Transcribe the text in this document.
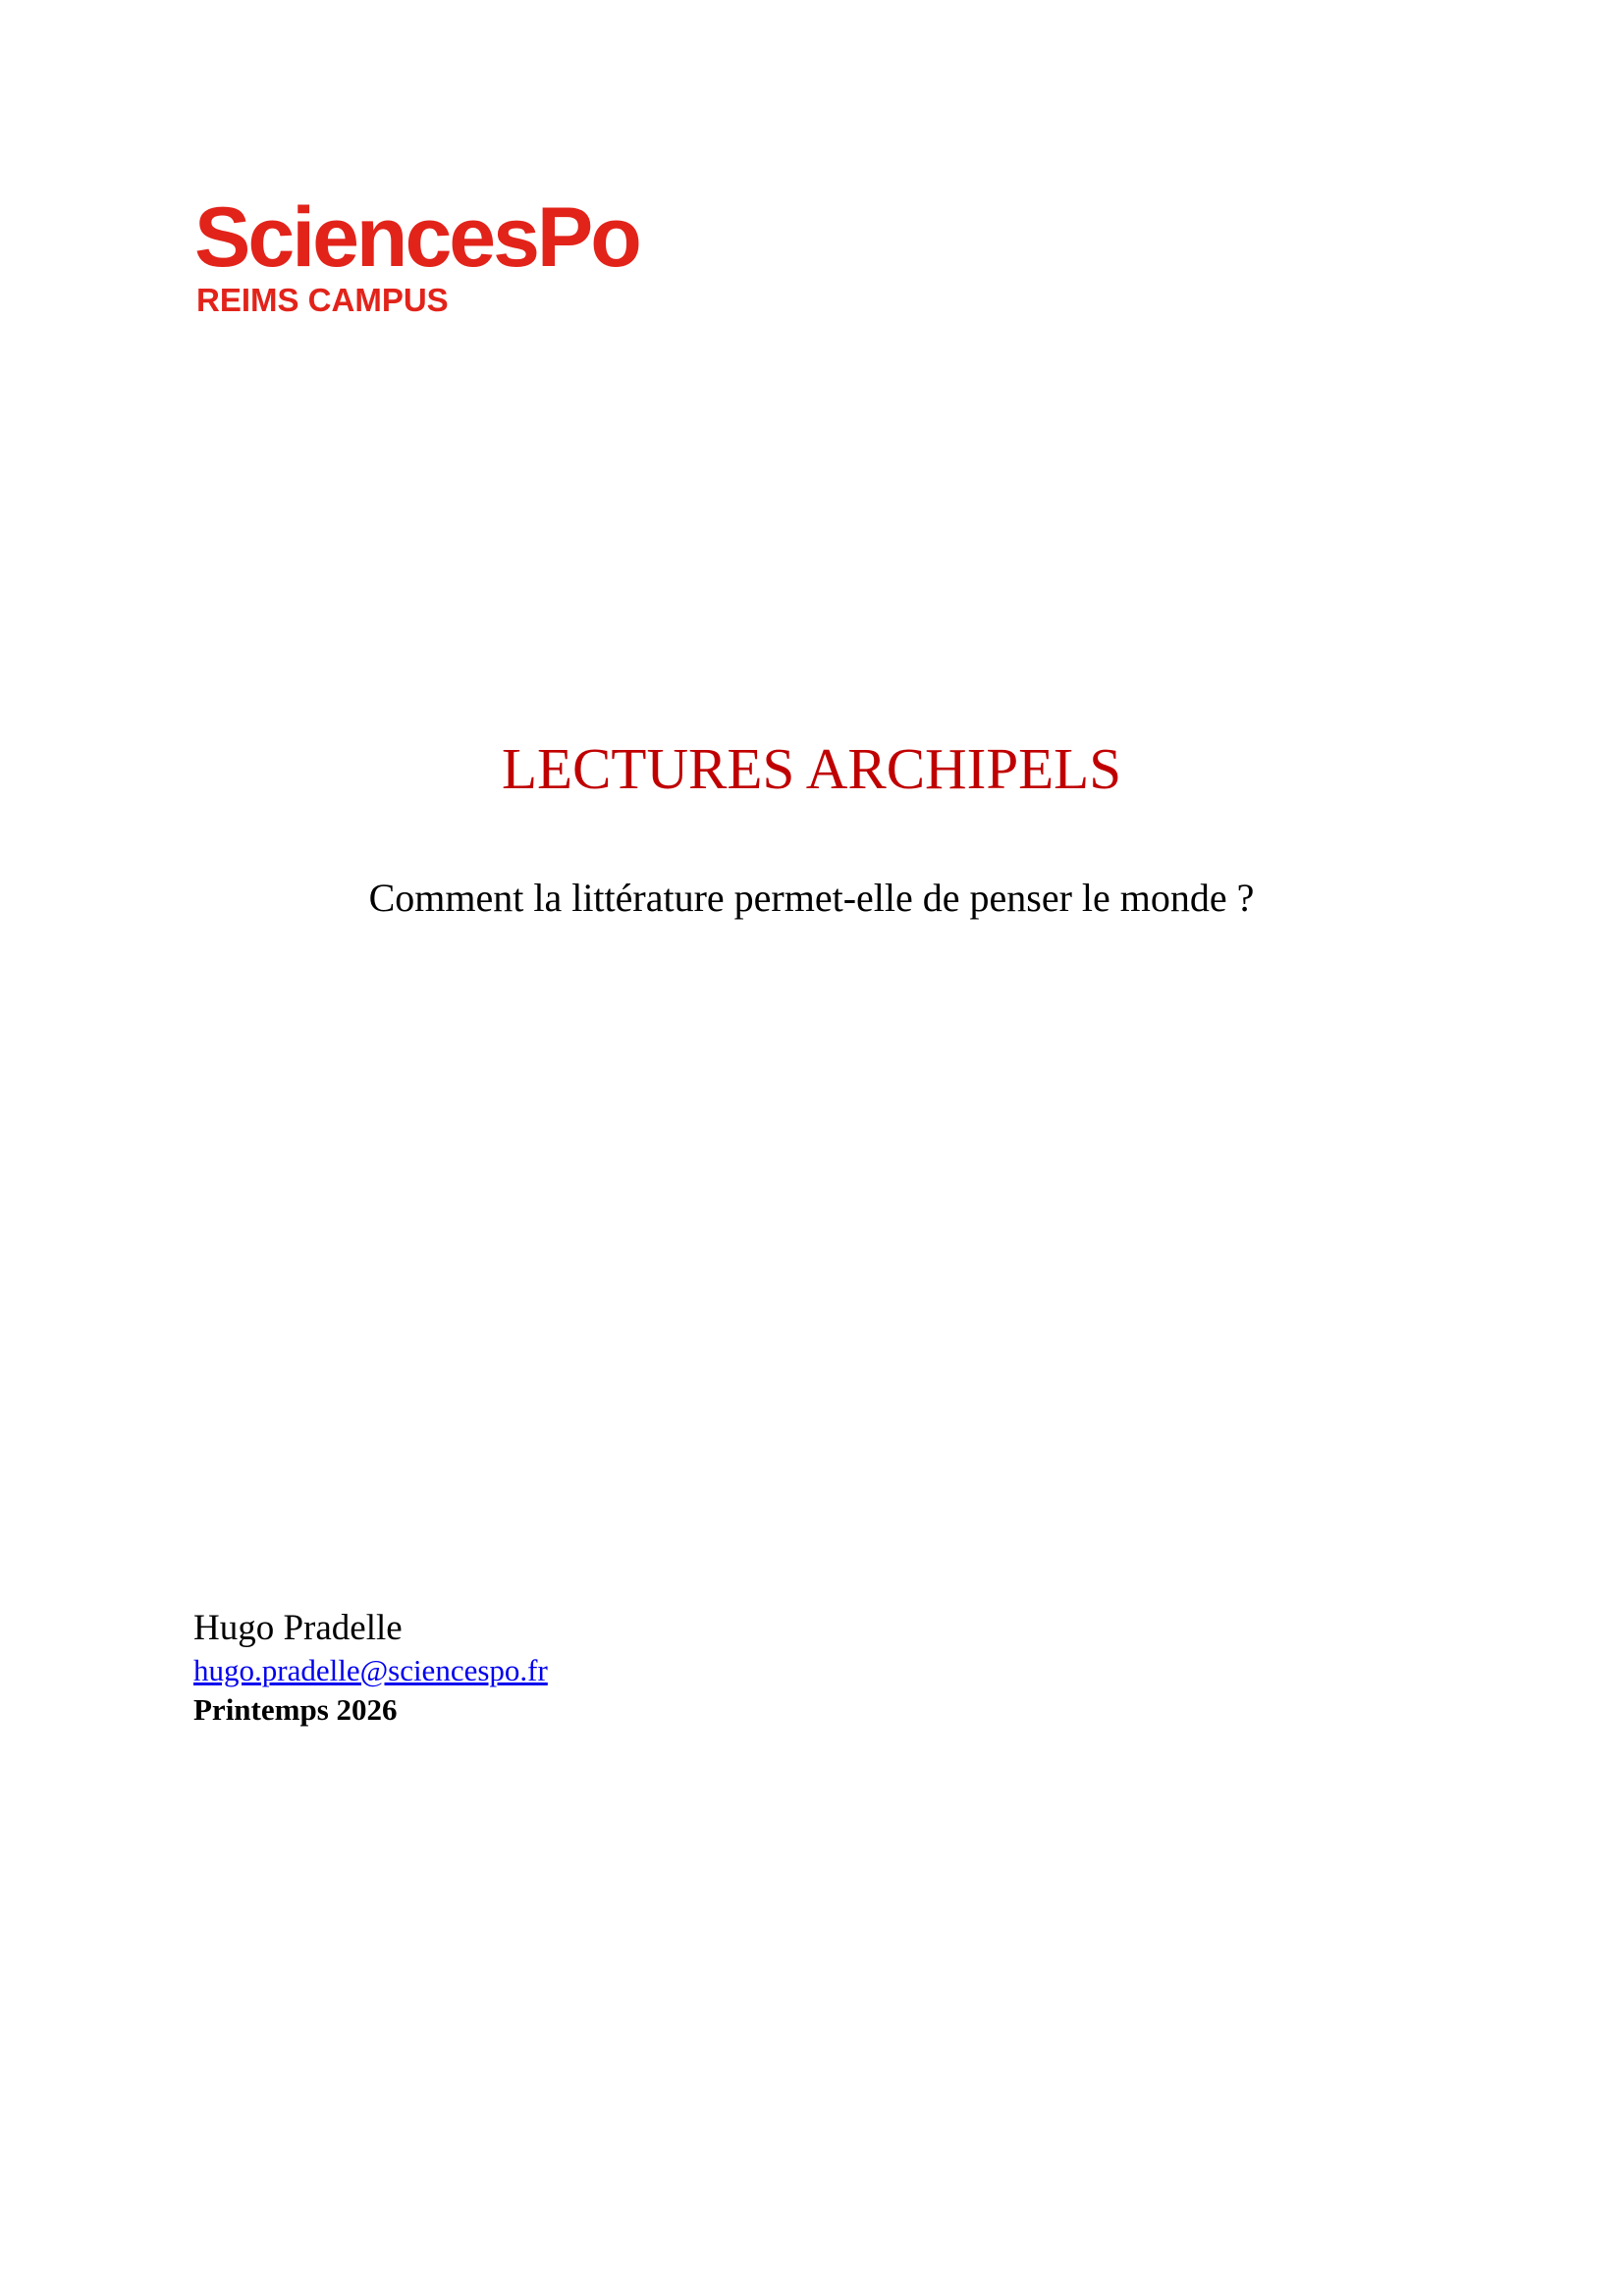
SciencesPo
REIMS CAMPUS
LECTURES ARCHIPELS
Comment la littérature permet-elle de penser le monde ?
Hugo Pradelle
hugo.pradelle@sciencespo.fr
Printemps 2026
